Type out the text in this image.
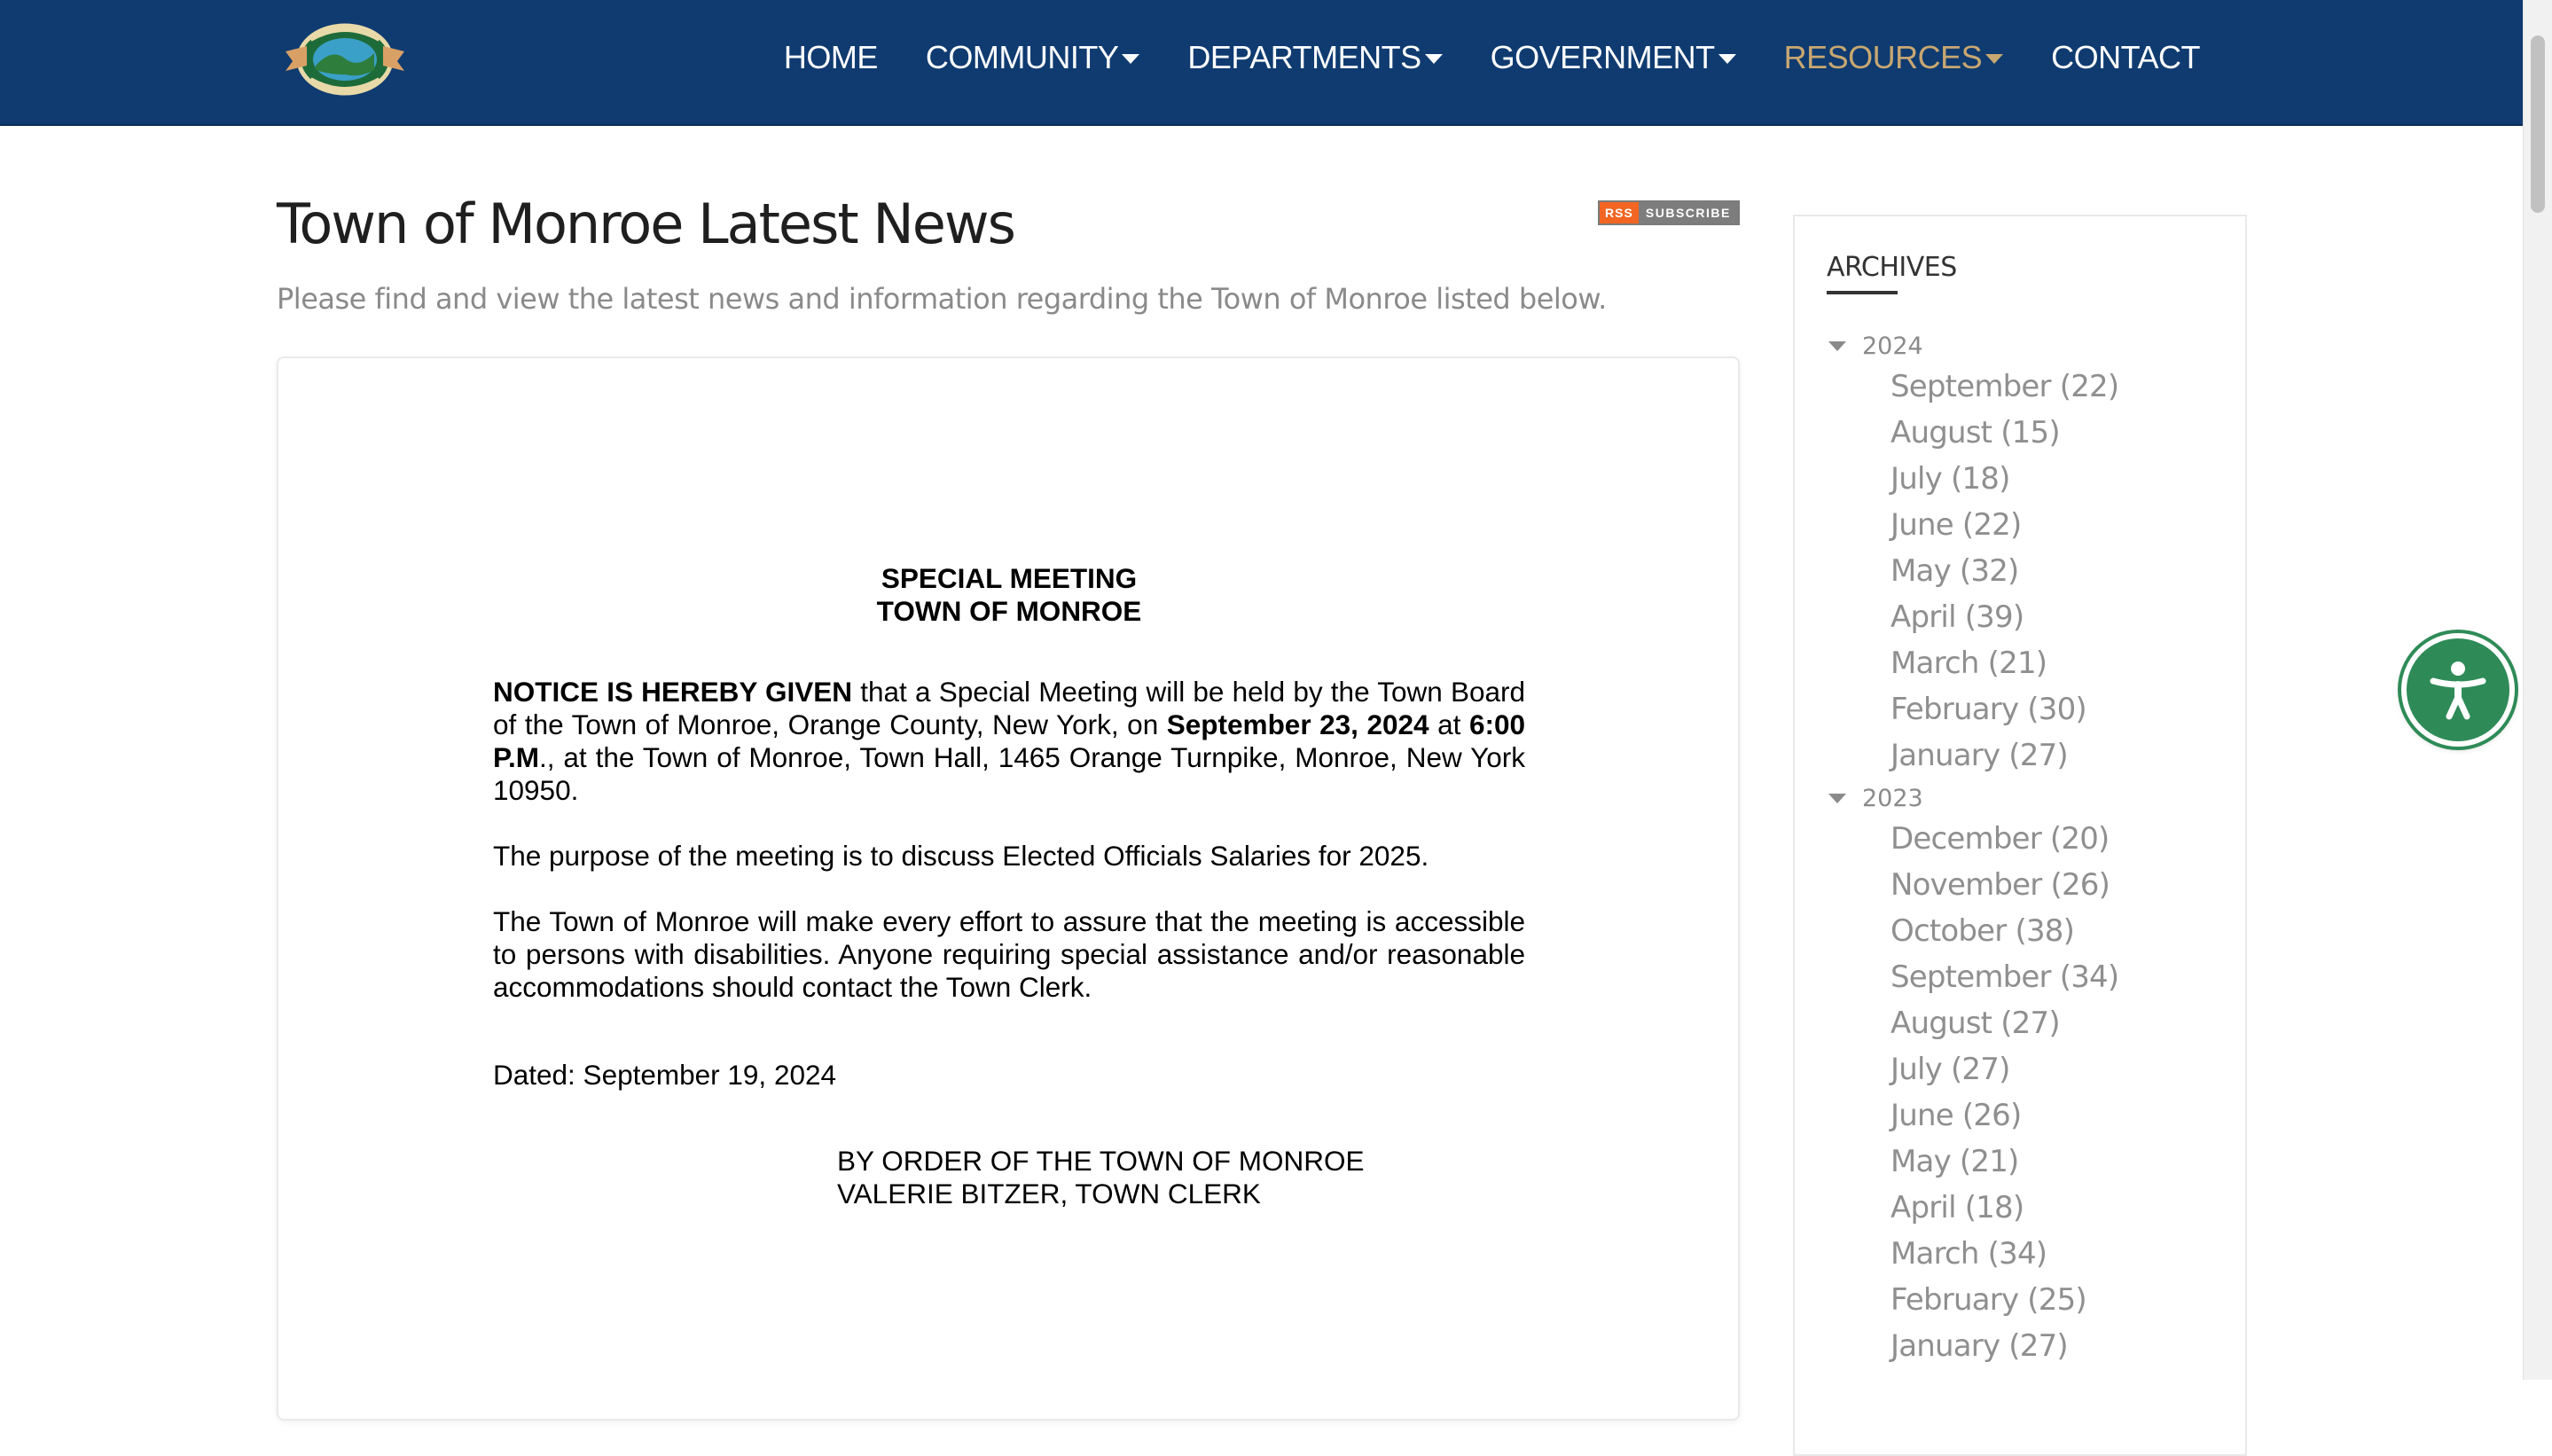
HOME COMMUNITY DEPARTMENTS GOVERNMENT RESOURCES CONTACT
Town of Monroe Latest News

Please find and view the latest news and information regarding the Town of Monroe listed below.

RSS	SUBSCRIBE
SPECIAL MEETING
TOWN OF MONROE

NOTICE IS HEREBY GIVEN that a Special Meeting will be held by the Town Board of the Town of Monroe, Orange County, New York, on September 23, 2024 at 6:00 P.M., at the Town of Monroe, Town Hall, 1465 Orange Turnpike, Monroe, New York 10950.

The purpose of the meeting is to discuss Elected Officials Salaries for 2025.

The Town of Monroe will make every effort to assure that the meeting is accessible to persons with disabilities. Anyone requiring special assistance and/or reasonable accommodations should contact the Town Clerk.

Dated: September 19, 2024

BY ORDER OF THE TOWN OF MONROE
VALERIE BITZER, TOWN CLERK
ARCHIVES
2024
September (22)
August (15)
July (18)
June (22)
May (32)
April (39)
March (21)
February (30)
January (27)
2023
December (20)
November (26)
October (38)
September (34)
August (27)
July (27)
June (26)
May (21)
April (18)
March (34)
February (25)
January (27)
